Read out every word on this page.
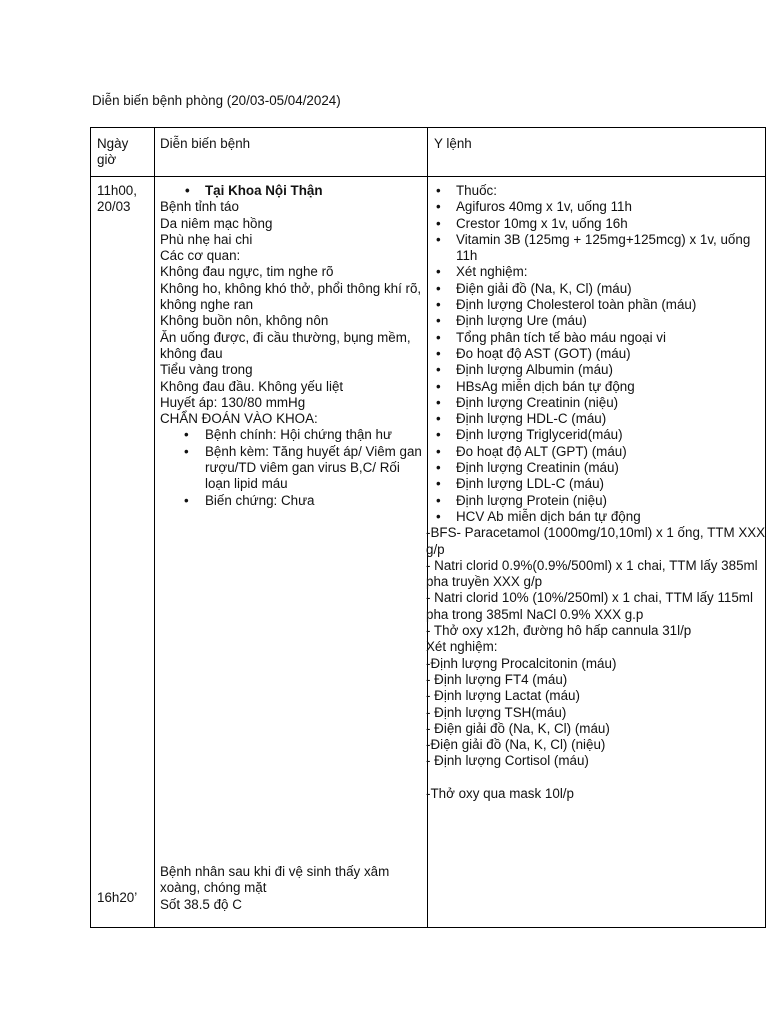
Diễn biến bệnh phòng (20/03-05/04/2024)
Ngày giờ
Diễn biến bệnh	Y lệnh
11h00, 20/03
16h20’
• Tại Khoa Nội Thận
Bệnh tỉnh táo
Da niêm mạc hồng
Phù nhẹ hai chi
Các cơ quan:
Không đau ngực, tim nghe rõ
Không ho, không khó thở, phổi thông khí rõ, không nghe ran
Không buồn nôn, không nôn
Ăn uống được, đi cầu thường, bụng mềm, không đau
Tiểu vàng trong
Không đau đầu. Không yếu liệt
Huyết áp: 130/80 mmHg
CHẨN ĐOÁN VÀO KHOA:
• Bệnh chính: Hội chứng thận hư
• Bệnh kèm: Tăng huyết áp/ Viêm gan rượu/TD viêm gan virus B,C/ Rối loạn lipid máu
• Biến chứng: Chưa
Bệnh nhân sau khi đi vệ sinh thấy xâm xoàng, chóng mặt
Sốt 38.5 độ C
• Thuốc:
• Agifuros 40mg x 1v, uống 11h
• Crestor 10mg x 1v, uống 16h
• Vitamin 3B (125mg + 125mg+125mcg) x 1v, uống 11h
• Xét nghiệm:
• Điện giải đồ (Na, K, Cl) (máu)
• Định lượng Cholesterol toàn phần (máu)
• Định lượng Ure (máu)
• Tổng phân tích tế bào máu ngoại vi
• Đo hoạt độ AST (GOT) (máu)
• Định lượng Albumin (máu)
• HBsAg miễn dịch bán tự động
• Định lượng Creatinin (niệu)
• Định lượng HDL-C (máu)
• Định lượng Triglycerid(máu)
• Đo hoạt độ ALT (GPT) (máu)
• Định lượng Creatinin (máu)
• Định lượng LDL-C (máu)
• Định lượng Protein (niệu)
• HCV Ab miễn dịch bán tự động
-BFS- Paracetamol (1000mg/10,10ml) x 1 ống, TTM XXX g/p
- Natri clorid 0.9%(0.9%/500ml) x 1 chai, TTM lấy 385ml pha truyền XXX g/p
- Natri clorid 10% (10%/250ml) x 1 chai, TTM lấy 115ml pha trong 385ml NaCl 0.9% XXX g.p
- Thở oxy x12h, đường hô hấp cannula 31l/p
Xét nghiệm:
-Định lượng Procalcitonin (máu)
- Định lượng FT4 (máu)
- Định lượng Lactat (máu)
- Định lượng TSH(máu)
- Điện giải đồ (Na, K, Cl) (máu)
-Điện giải đồ (Na, K, Cl) (niệu)
- Định lượng Cortisol (máu)
-Thở oxy qua mask 10l/p
